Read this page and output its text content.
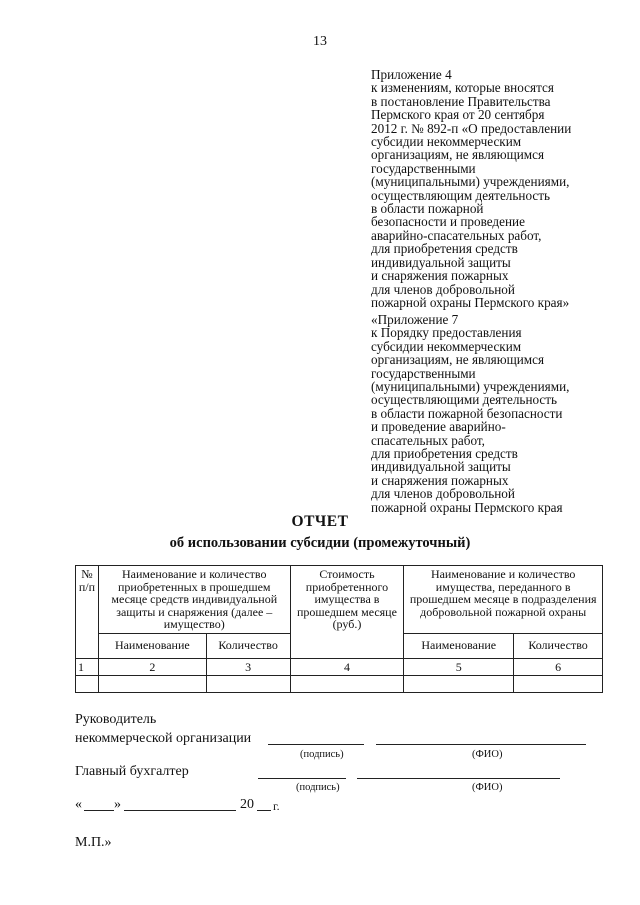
13
Приложение 4
к изменениям, которые вносятся
в постановление Правительства
Пермского края от 20 сентября
2012 г. № 892-п «О предоставлении
субсидии некоммерческим
организациям, не являющимся
государственными
(муниципальными) учреждениями,
осуществляющим деятельность
в области пожарной
безопасности и проведение
аварийно-спасательных работ,
для приобретения средств
индивидуальной защиты
и снаряжения пожарных
для членов добровольной
пожарной охраны Пермского края»
«Приложение 7
к Порядку предоставления
субсидии некоммерческим
организациям, не являющимся
государственными
(муниципальными) учреждениями,
осуществляющими деятельность
в области пожарной безопасности
и проведение аварийно-
спасательных работ,
для приобретения средств
индивидуальной защиты
и снаряжения пожарных
для членов добровольной
пожарной охраны Пермского края
ОТЧЕТ
об использовании субсидии (промежуточный)
№ п/п	Наименование и количество приобретенных в прошедшем месяце средств индивидуальной защиты и снаряжения (далее – имущество)		Стоимость приобретенного имущества в прошедшем месяце (руб.)	Наименование и количество имущества, переданного в прошедшем месяце в подразделения добровольной пожарной охраны	
	Наименование	Количество		Наименование	Количество
1	2	3	4	5	6

Руководитель
некоммерческой организации
(подпись)	(ФИО)
Главный бухгалтер
(подпись)	(ФИО)
« »	20 г.
М.П.»
